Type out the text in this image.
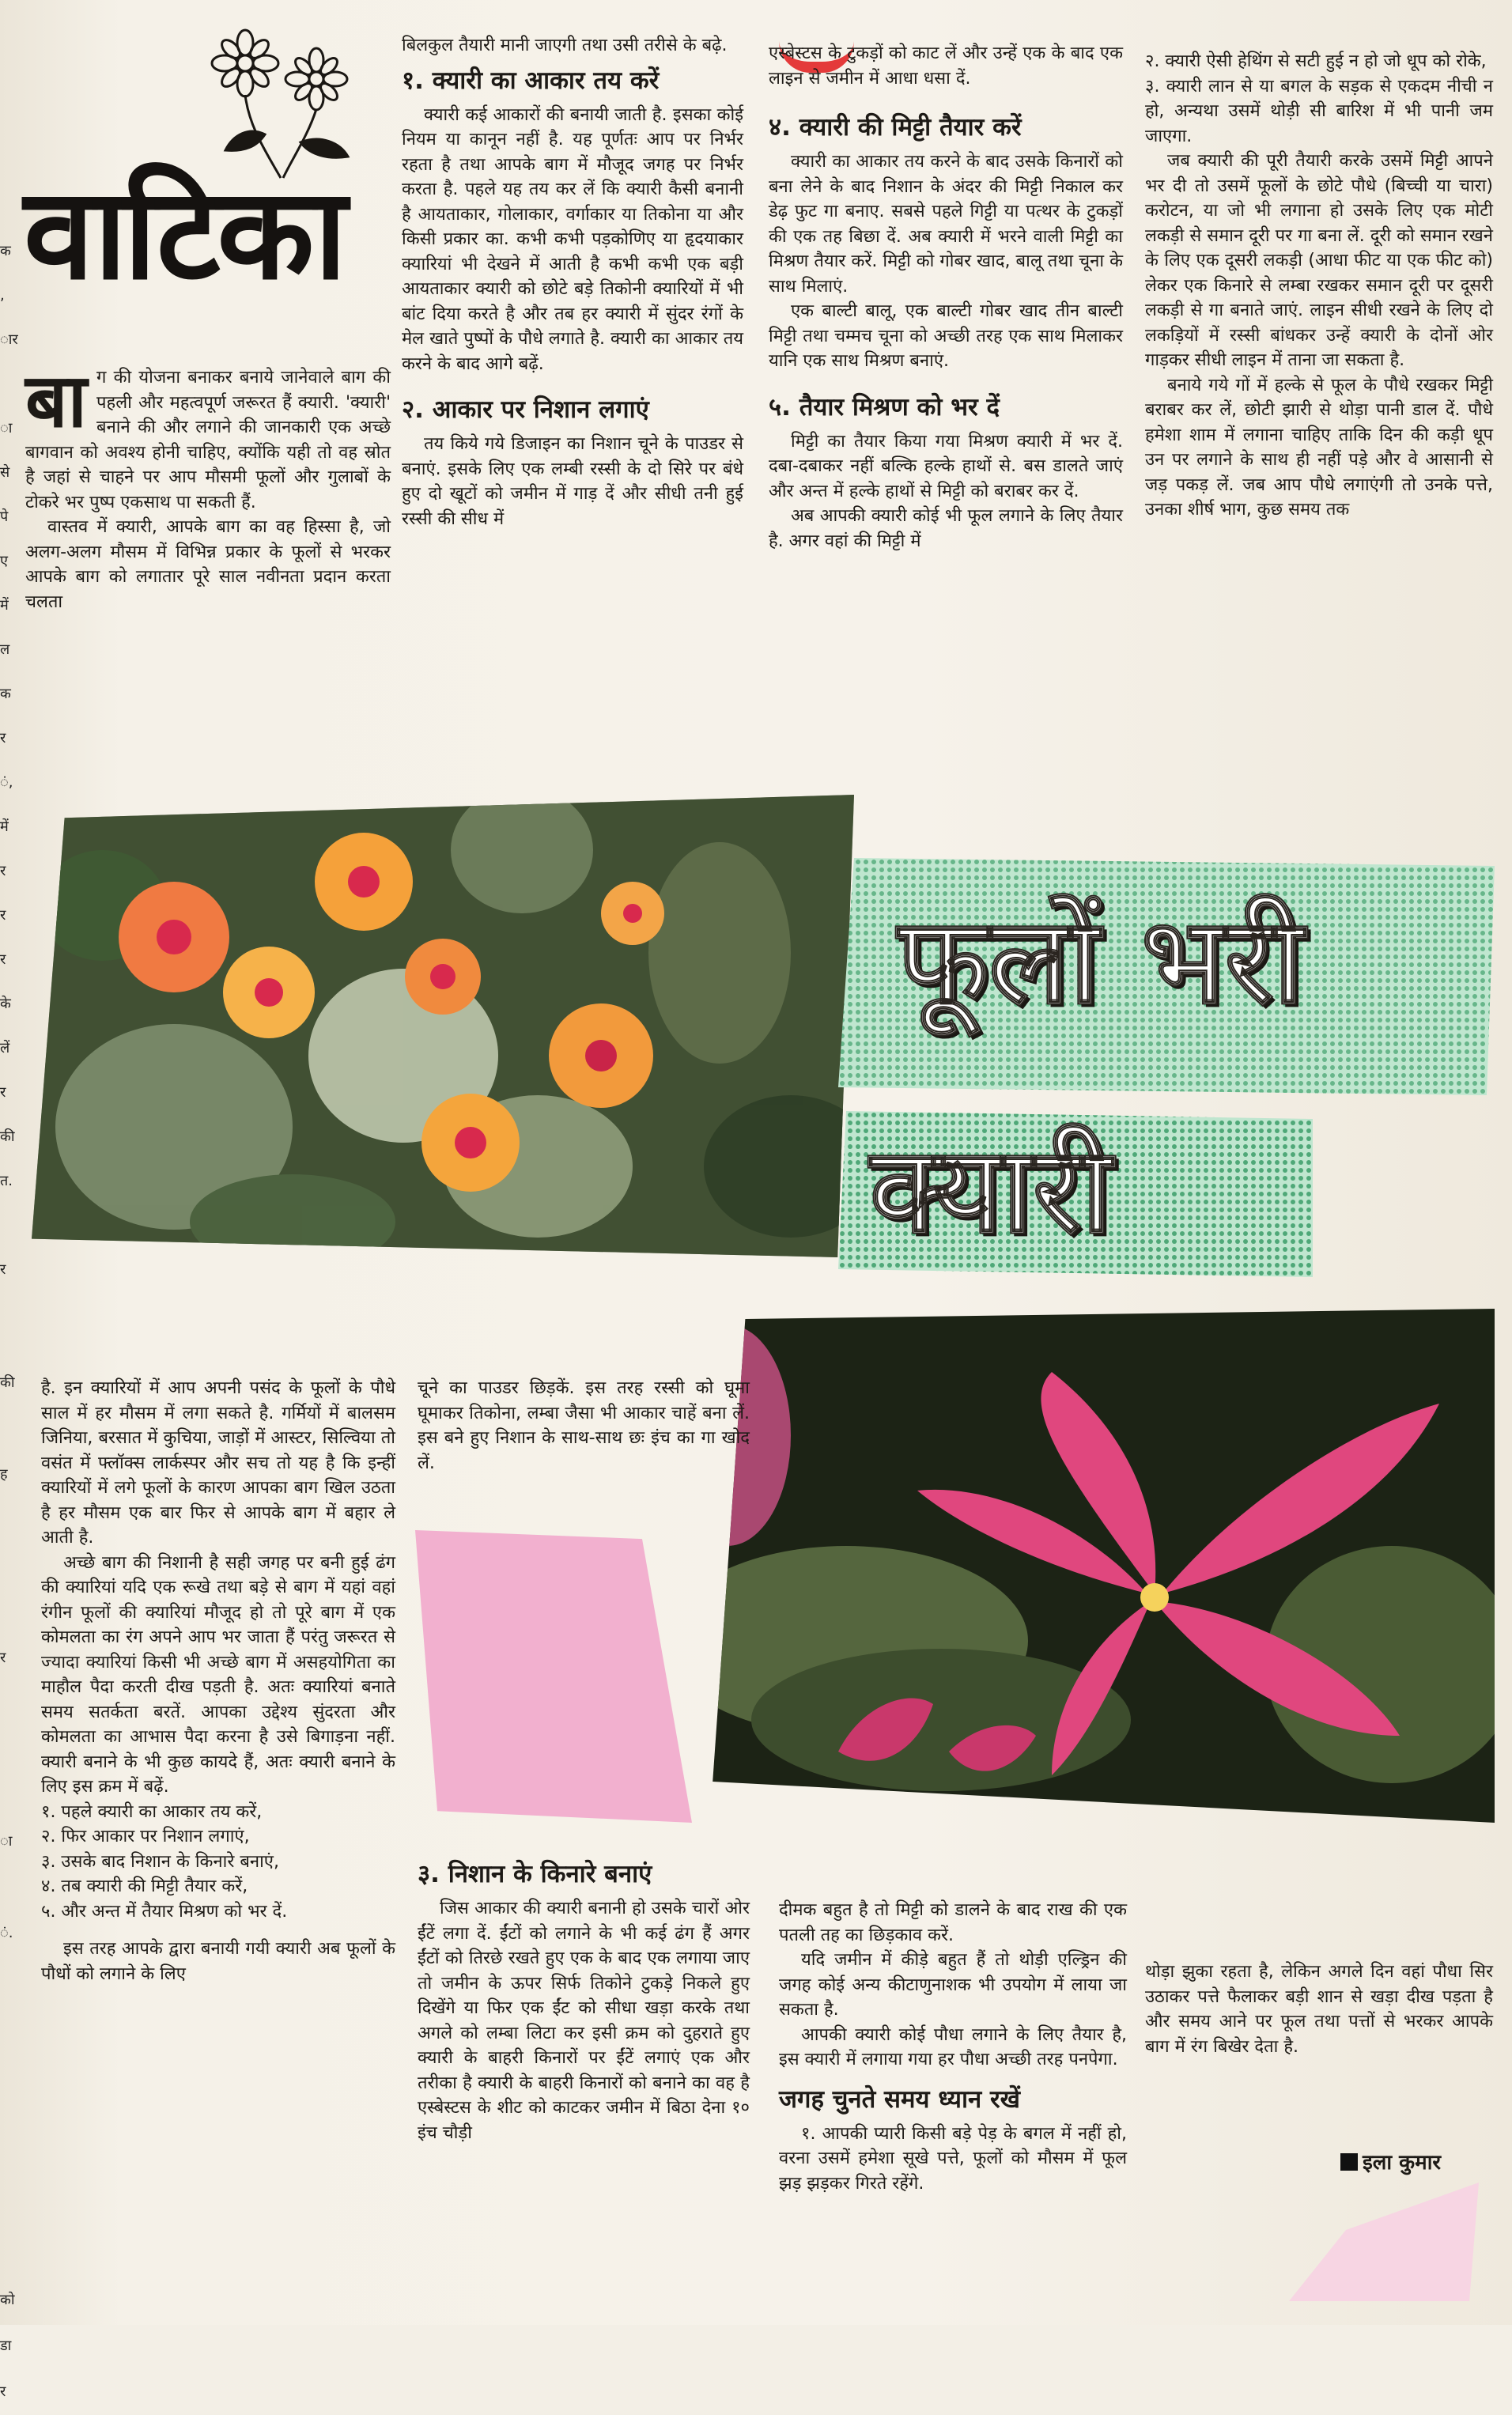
क
,
ार

ा
से
पे
ए
में
ल
क
र
ं,
में
र
र
र
के
लें
र
की
त.

र
की

ह

र

ा

ं.

को
डा
र
वाटिका

बाग की योजना बनाकर बनाये जानेवाले बाग की पहली और महत्वपूर्ण जरूरत हैं क्यारी. 'क्यारी' बनाने की और लगाने की जानकारी एक अच्छे बागवान को अवश्य होनी चाहिए, क्योंकि यही तो वह स्रोत है जहां से चाहने पर आप मौसमी फूलों और गुलाबों के टोकरे भर पुष्प एकसाथ पा सकती हैं.

वास्तव में क्यारी, आपके बाग का वह हिस्सा है, जो अलग-अलग मौसम में विभिन्न प्रकार के फूलों से भरकर आपके बाग को लगातार पूरे साल नवीनता प्रदान करता चलता

बिलकुल तैयारी मानी जाएगी तथा उसी तरीसे के बढ़े.

१. क्यारी का आकार तय करें

क्यारी कई आकारों की बनायी जाती है. इसका कोई नियम या कानून नहीं है. यह पूर्णतः आप पर निर्भर रहता है तथा आपके बाग में मौजूद जगह पर निर्भर करता है. पहले यह तय कर लें कि क्यारी कैसी बनानी है आयताकार, गोलाकार, वर्गाकार या तिकोना या और किसी प्रकार का. कभी कभी पड़कोणिए या हृदयाकार क्यारियां भी देखने में आती है कभी कभी एक बड़ी आयताकार क्यारी को छोटे बड़े तिकोनी क्यारियों में भी बांट दिया करते है और तब हर क्यारी में सुंदर रंगों के मेल खाते पुष्पों के पौधे लगाते है. क्यारी का आकार तय करने के बाद आगे बढ़ें.

२. आकार पर निशान लगाएं

तय किये गये डिजाइन का निशान चूने के पाउडर से बनाएं. इसके लिए एक लम्बी रस्सी के दो सिरे पर बंधे हुए दो खूटों को जमीन में गाड़ दें और सीधी तनी हुई रस्सी की सीध में

एस्बेस्टस के टुकड़ों को काट लें और उन्हें एक के बाद एक लाइन से जमीन में आधा धसा दें.

४. क्यारी की मिट्टी तैयार करें

क्यारी का आकार तय करने के बाद उसके किनारों को बना लेने के बाद निशान के अंदर की मिट्टी निकाल कर डेढ़ फुट गा बनाए. सबसे पहले गिट्टी या पत्थर के टुकड़ों की एक तह बिछा दें. अब क्यारी में भरने वाली मिट्टी का मिश्रण तैयार करें. मिट्टी को गोबर खाद, बालू तथा चूना के साथ मिलाएं.

एक बाल्टी बालू, एक बाल्टी गोबर खाद तीन बाल्टी मिट्टी तथा चम्मच चूना को अच्छी तरह एक साथ मिलाकर यानि एक साथ मिश्रण बनाएं.

५. तैयार मिश्रण को भर दें

मिट्टी का तैयार किया गया मिश्रण क्यारी में भर दें. दबा-दबाकर नहीं बल्कि हल्के हाथों से. बस डालते जाएं और अन्त में हल्के हाथों से मिट्टी को बराबर कर दें.

अब आपकी क्यारी कोई भी फूल लगाने के लिए तैयार है. अगर वहां की मिट्टी में

२. क्यारी ऐसी हेथिंग से सटी हुई न हो जो धूप को रोके,

३. क्यारी लान से या बगल के सड़क से एकदम नीची न हो, अन्यथा उसमें थोड़ी सी बारिश में भी पानी जम जाएगा.

जब क्यारी की पूरी तैयारी करके उसमें मिट्टी आपने भर दी तो उसमें फूलों के छोटे पौधे (बिच्ची या चारा) करोटन, या जो भी लगाना हो उसके लिए एक मोटी लकड़ी से समान दूरी पर गा बना लें. दूरी को समान रखने के लिए एक दूसरी लकड़ी (आधा फीट या एक फीट को) लेकर एक किनारे से लम्बा रखकर समान दूरी पर दूसरी लकड़ी से गा बनाते जाएं. लाइन सीधी रखने के लिए दो लकड़ियों में रस्सी बांधकर उन्हें क्यारी के दोनों ओर गाड़कर सीधी लाइन में ताना जा सकता है.

बनाये गये गों में हल्के से फूल के पौधे रखकर मिट्टी बराबर कर लें, छोटी झारी से थोड़ा पानी डाल दें. पौधे हमेशा शाम में लगाना चाहिए ताकि दिन की कड़ी धूप उन पर लगाने के साथ ही नहीं पड़े और वे आसानी से जड़ पकड़ लें. जब आप पौधे लगाएंगी तो उनके पत्ते, उनका शीर्ष भाग, कुछ समय तक

फूलों भरी
क्यारी

है. इन क्यारियों में आप अपनी पसंद के फूलों के पौधे साल में हर मौसम में लगा सकते है. गर्मियों में बालसम जिनिया, बरसात में कुचिया, जाड़ों में आस्टर, सिल्विया तो वसंत में फ्लॉक्स लार्कस्पर और सच तो यह है कि इन्हीं क्यारियों में लगे फूलों के कारण आपका बाग खिल उठता है हर मौसम एक बार फिर से आपके बाग में बहार ले आती है.

अच्छे बाग की निशानी है सही जगह पर बनी हुई ढंग की क्यारियां यदि एक रूखे तथा बड़े से बाग में यहां वहां रंगीन फूलों की क्यारियां मौजूद हो तो पूरे बाग में एक कोमलता का रंग अपने आप भर जाता हैं परंतु जरूरत से ज्यादा क्यारियां किसी भी अच्छे बाग में असहयोगिता का माहौल पैदा करती दीख पड़ती है. अतः क्यारियां बनाते समय सतर्कता बरतें. आपका उद्देश्य सुंदरता और कोमलता का आभास पैदा करना है उसे बिगाड़ना नहीं. क्यारी बनाने के भी कुछ कायदे हैं, अतः क्यारी बनाने के लिए इस क्रम में बढ़ें.

१. पहले क्यारी का आकार तय करें,
२. फिर आकार पर निशान लगाएं,
३. उसके बाद निशान के किनारे बनाएं,
४. तब क्यारी की मिट्टी तैयार करें,
५. और अन्त में तैयार मिश्रण को भर दें.

इस तरह आपके द्वारा बनायी गयी क्यारी अब फूलों के पौधों को लगाने के लिए

चूने का पाउडर छिड़कें. इस तरह रस्सी को घूमा घूमाकर तिकोना, लम्बा जैसा भी आकार चाहें बना लें. इस बने हुए निशान के साथ-साथ छः इंच का गा खोद लें.

३. निशान के किनारे बनाएं

जिस आकार की क्यारी बनानी हो उसके चारों ओर ईंटें लगा दें. ईंटों को लगाने के भी कई ढंग हैं अगर ईंटों को तिरछे रखते हुए एक के बाद एक लगाया जाए तो जमीन के ऊपर सिर्फ तिकोने टुकड़े निकले हुए दिखेंगे या फिर एक ईंट को सीधा खड़ा करके तथा अगले को लम्बा लिटा कर इसी क्रम को दुहराते हुए क्यारी के बाहरी किनारों पर ईंटें लगाएं एक और तरीका है क्यारी के बाहरी किनारों को बनाने का वह है एस्बेस्टस के शीट को काटकर जमीन में बिठा देना १० इंच चौड़ी

दीमक बहुत है तो मिट्टी को डालने के बाद राख की एक पतली तह का छिड़काव करें.

यदि जमीन में कीड़े बहुत हैं तो थोड़ी एल्ड्रिन की जगह कोई अन्य कीटाणुनाशक भी उपयोग में लाया जा सकता है.

आपकी क्यारी कोई पौधा लगाने के लिए तैयार है, इस क्यारी में लगाया गया हर पौधा अच्छी तरह पनपेगा.

जगह चुनते समय ध्यान रखें

१. आपकी प्यारी किसी बड़े पेड़ के बगल में नहीं हो, वरना उसमें हमेशा सूखे पत्ते, फूलों को मौसम में फूल झड़ झड़कर गिरते रहेंगे.

थोड़ा झुका रहता है, लेकिन अगले दिन वहां पौधा सिर उठाकर पत्ते फैलाकर बड़ी शान से खड़ा दीख पड़ता है और समय आने पर फूल तथा पत्तों से भरकर आपके बाग में रंग बिखेर देता है.

इला कुमार
